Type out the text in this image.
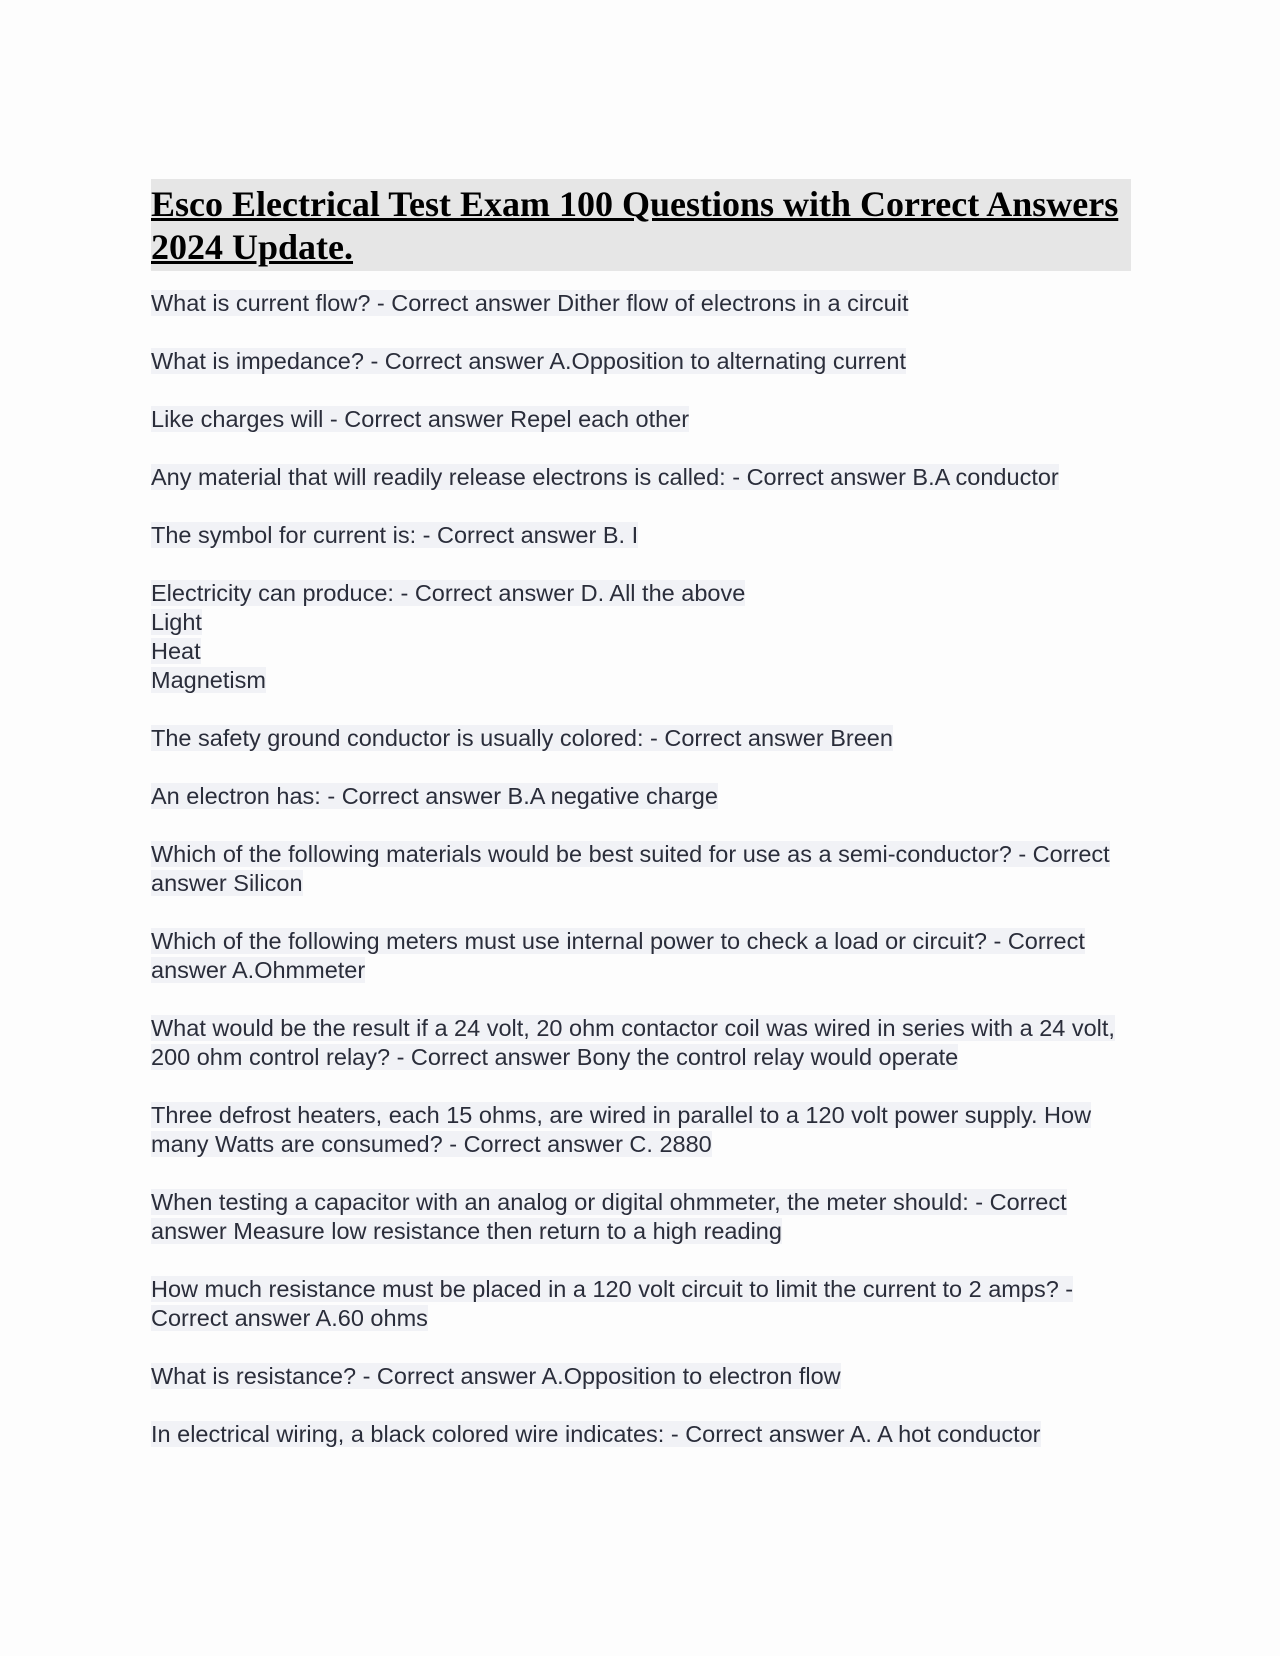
Esco Electrical Test Exam 100 Questions with Correct Answers 2024 Update.
What is current flow? - Correct answer Dither flow of electrons in a circuit
What is impedance? - Correct answer A.Opposition to alternating current
Like charges will - Correct answer Repel each other
Any material that will readily release electrons is called: - Correct answer B.A conductor
The symbol for current is: - Correct answer B. I
Electricity can produce: - Correct answer D. All the above
Light
Heat
Magnetism
The safety ground conductor is usually colored: - Correct answer Breen
An electron has: - Correct answer B.A negative charge
Which of the following materials would be best suited for use as a semi-conductor? - Correct answer Silicon
Which of the following meters must use internal power to check a load or circuit? - Correct answer A.Ohmmeter
What would be the result if a 24 volt, 20 ohm contactor coil was wired in series with a 24 volt, 200 ohm control relay? - Correct answer Bony the control relay would operate
Three defrost heaters, each 15 ohms, are wired in parallel to a 120 volt power supply. How many Watts are consumed? - Correct answer C. 2880
When testing a capacitor with an analog or digital ohmmeter, the meter should: - Correct answer Measure low resistance then return to a high reading
How much resistance must be placed in a 120 volt circuit to limit the current to 2 amps? - Correct answer A.60 ohms
What is resistance? - Correct answer A.Opposition to electron flow
In electrical wiring, a black colored wire indicates: - Correct answer A. A hot conductor
